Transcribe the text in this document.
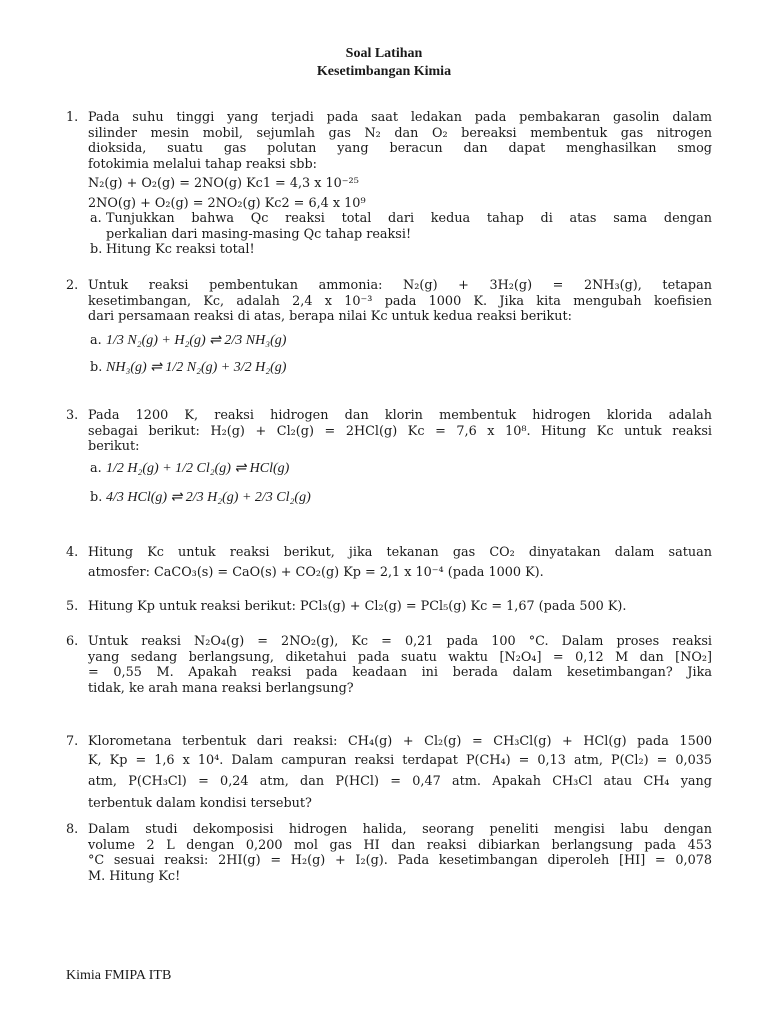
Soal Latihan
Kesetimbangan Kimia
1. Pada suhu tinggi yang terjadi pada saat ledakan pada pembakaran gasolin dalam
silinder mesin mobil, sejumlah gas N₂ dan O₂ bereaksi membentuk gas nitrogen
dioksida, suatu gas polutan yang beracun dan dapat menghasilkan smog
fotokimia melalui tahap reaksi sbb:
N₂(g) + O₂(g) = 2NO(g) Kc1 = 4,3 x 10⁻²⁵
2NO(g) + O₂(g) = 2NO₂(g) Kc2 = 6,4 x 10⁹
a. Tunjukkan bahwa Qc reaksi total dari kedua tahap di atas sama dengan
perkalian dari masing-masing Qc tahap reaksi!
b. Hitung Kc reaksi total!
2. Untuk reaksi pembentukan ammonia: N₂(g) + 3H₂(g) = 2NH₃(g), tetapan
kesetimbangan, Kc, adalah 2,4 x 10⁻³ pada 1000 K. Jika kita mengubah koefisien
dari persamaan reaksi di atas, berapa nilai Kc untuk kedua reaksi berikut:
a. 1/3 N₂(g) + H₂(g) ⇌ 2/3 NH₃(g)
b. NH₃(g) ⇌ 1/2 N₂(g) + 3/2 H₂(g)
3. Pada 1200 K, reaksi hidrogen dan klorin membentuk hidrogen klorida adalah
sebagai berikut: H₂(g) + Cl₂(g) = 2HCl(g) Kc = 7,6 x 10⁸. Hitung Kc untuk reaksi
berikut:
a. 1/2 H₂(g) + 1/2 Cl₂(g) ⇌ HCl(g)
b. 4/3 HCl(g) ⇌ 2/3 H₂(g) + 2/3 Cl₂(g)
4. Hitung Kc untuk reaksi berikut, jika tekanan gas CO₂ dinyatakan dalam satuan
atmosfer: CaCO₃(s) = CaO(s) + CO₂(g) Kp = 2,1 x 10⁻⁴ (pada 1000 K).
5. Hitung Kp untuk reaksi berikut: PCl₃(g) + Cl₂(g) = PCl₅(g) Kc = 1,67 (pada 500 K).
6. Untuk reaksi N₂O₄(g) = 2NO₂(g), Kc = 0,21 pada 100 °C. Dalam proses reaksi
yang sedang berlangsung, diketahui pada suatu waktu [N₂O₄] = 0,12 M dan [NO₂]
= 0,55 M. Apakah reaksi pada keadaan ini berada dalam kesetimbangan? Jika
tidak, ke arah mana reaksi berlangsung?
7. Klorometana terbentuk dari reaksi: CH₄(g) + Cl₂(g) = CH₃Cl(g) + HCl(g) pada 1500
K, Kp = 1,6 x 10⁴. Dalam campuran reaksi terdapat P(CH₄) = 0,13 atm, P(Cl₂) = 0,035
atm, P(CH₃Cl) = 0,24 atm, dan P(HCl) = 0,47 atm. Apakah CH₃Cl atau CH₄ yang
terbentuk dalam kondisi tersebut?
8. Dalam studi dekomposisi hidrogen halida, seorang peneliti mengisi labu dengan
volume 2 L dengan 0,200 mol gas HI dan reaksi dibiarkan berlangsung pada 453
°C sesuai reaksi: 2HI(g) = H₂(g) + I₂(g). Pada kesetimbangan diperoleh [HI] = 0,078
M. Hitung Kc!
Kimia FMIPA ITB
